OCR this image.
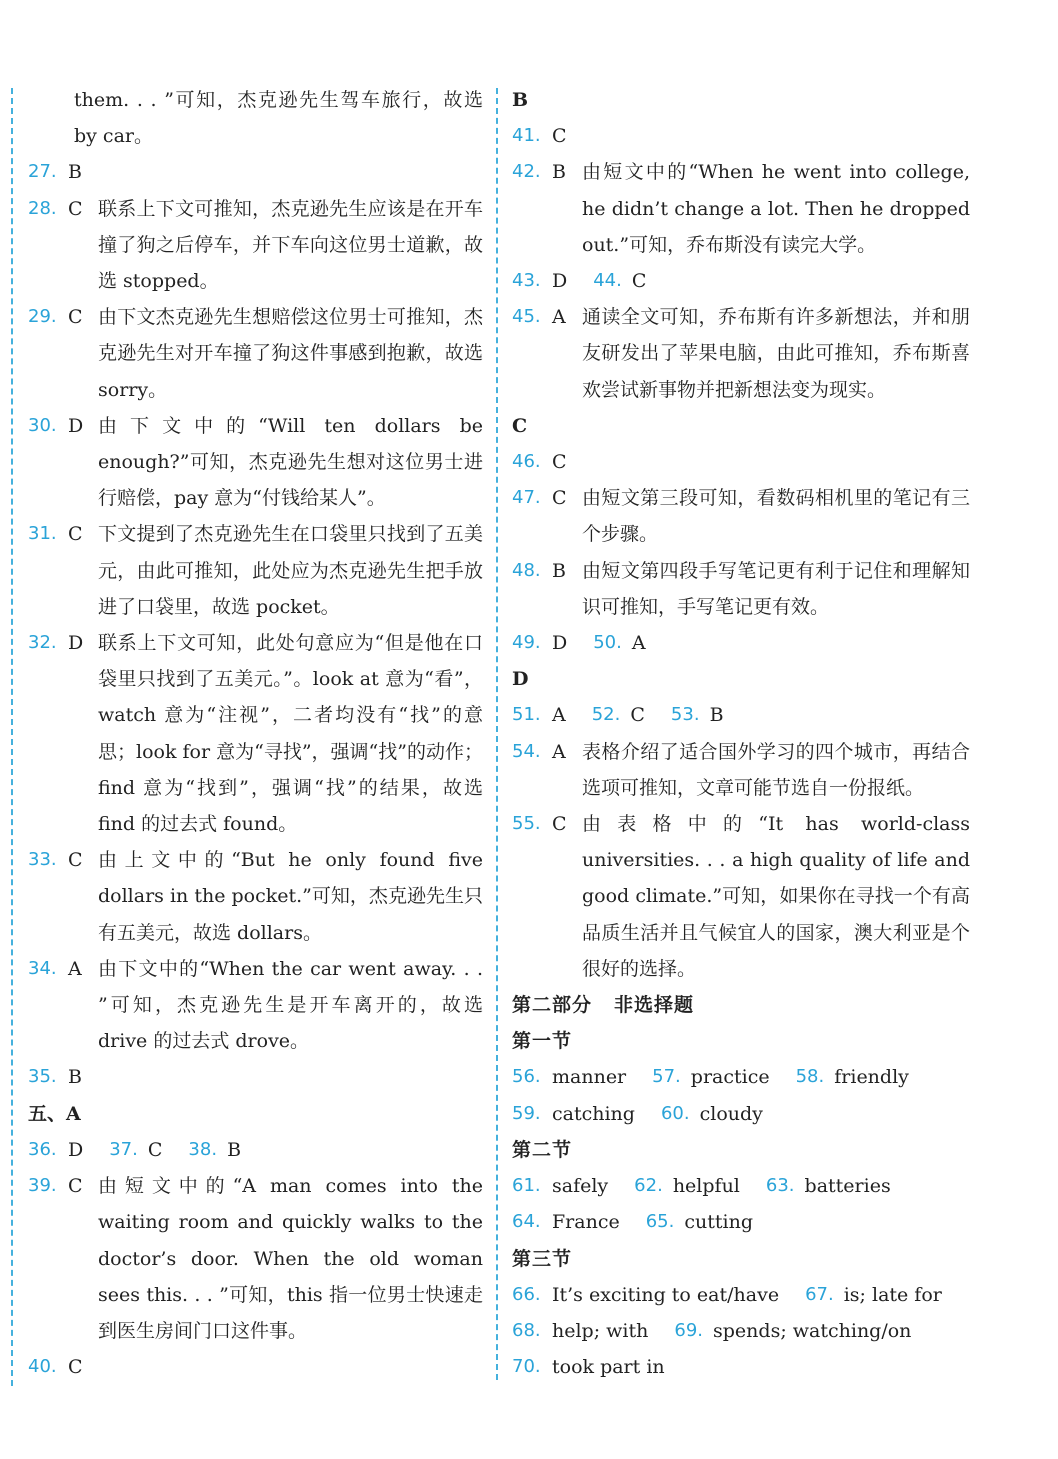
them. . . ”可知，杰克逊先生驾车旅行，故选 by car。
27. B
28. C 联系上下文可推知，杰克逊先生应该是在开车撞了狗之后停车，并下车向这位男士道歉，故选 stopped。
29. C 由下文杰克逊先生想赔偿这位男士可推知，杰克逊先生对开车撞了狗这件事感到抱歉，故选 sorry。
30. D 由下文中的“Will ten dollars be enough?”可知，杰克逊先生想对这位男士进行赔偿，pay 意为“付钱给某人”。
31. C 下文提到了杰克逊先生在口袋里只找到了五美元，由此可推知，此处应为杰克逊先生把手放进了口袋里，故选 pocket。
32. D 联系上下文可知，此处句意应为“但是他在口袋里只找到了五美元。”。look at 意为“看”，watch 意为“注视”，二者均没有“找”的意思；look for 意为“寻找”，强调“找”的动作；find 意为“找到”，强调“找”的结果，故选 find 的过去式 found。
33. C 由上文中的“But he only found five dollars in the pocket.”可知，杰克逊先生只有五美元，故选 dollars。
34. A 由下文中的“When the car went away. . . ”可知，杰克逊先生是开车离开的，故选 drive 的过去式 drove。
35. B
五、A
36. D 37. C 38. B
39. C 由短文中的“A man comes into the waiting room and quickly walks to the doctor’s door. When the old woman sees this. . . ”可知，this 指一位男士快速走到医生房间门口这件事。
40. C
B
41. C
42. B 由短文中的“When he went into college, he didn’t change a lot. Then he dropped out.”可知，乔布斯没有读完大学。
43. D 44. C
45. A 通读全文可知，乔布斯有许多新想法，并和朋友研发出了苹果电脑，由此可推知，乔布斯喜欢尝试新事物并把新想法变为现实。
C
46. C
47. C 由短文第三段可知，看数码相机里的笔记有三个步骤。
48. B 由短文第四段手写笔记更有利于记住和理解知识可推知，手写笔记更有效。
49. D 50. A
D
51. A 52. C 53. B
54. A 表格介绍了适合国外学习的四个城市，再结合选项可推知，文章可能节选自一份报纸。
55. C 由表格中的“It has world-class universities. . . a high quality of life and good climate.”可知，如果你在寻找一个有高品质生活并且气候宜人的国家，澳大利亚是个很好的选择。
第二部分 非选择题
第一节
56. manner 57. practice 58. friendly
59. catching 60. cloudy
第二节
61. safely 62. helpful 63. batteries
64. France 65. cutting
第三节
66. It’s exciting to eat/have 67. is; late for
68. help; with 69. spends; watching/on
70. took part in
